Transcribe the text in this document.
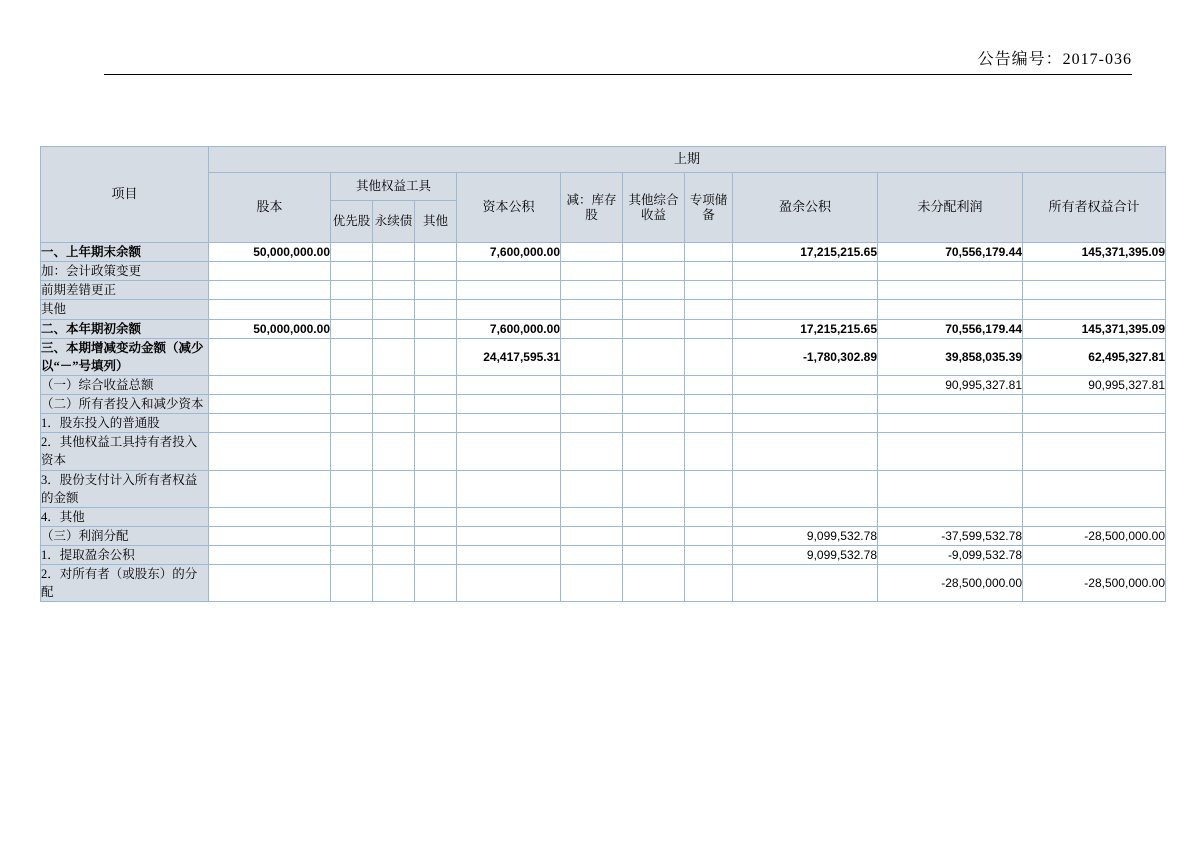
公告编号：2017-036
项目	上期										
	股本	其他权益工具			资本公积	减：库存股	其他综合收益	专项储备	盈余公积	未分配利润	所有者权益合计
		优先股	永续债	其他							
一、上年期末余额	50,000,000.00				7,600,000.00				17,215,215.65	70,556,179.44	145,371,395.09
加：会计政策变更											
前期差错更正											
其他											
二、本年期初余额	50,000,000.00				7,600,000.00				17,215,215.65	70,556,179.44	145,371,395.09
三、本期增减变动金额（减少以“－”号填列）					24,417,595.31				-1,780,302.89	39,858,035.39	62,495,327.81
（一）综合收益总额										90,995,327.81	90,995,327.81
（二）所有者投入和减少资本											
1．股东投入的普通股											
2．其他权益工具持有者投入资本											
3．股份支付计入所有者权益的金额											
4．其他											
（三）利润分配									9,099,532.78	-37,599,532.78	-28,500,000.00
1．提取盈余公积									9,099,532.78	-9,099,532.78	
2．对所有者（或股东）的分配										-28,500,000.00	-28,500,000.00
